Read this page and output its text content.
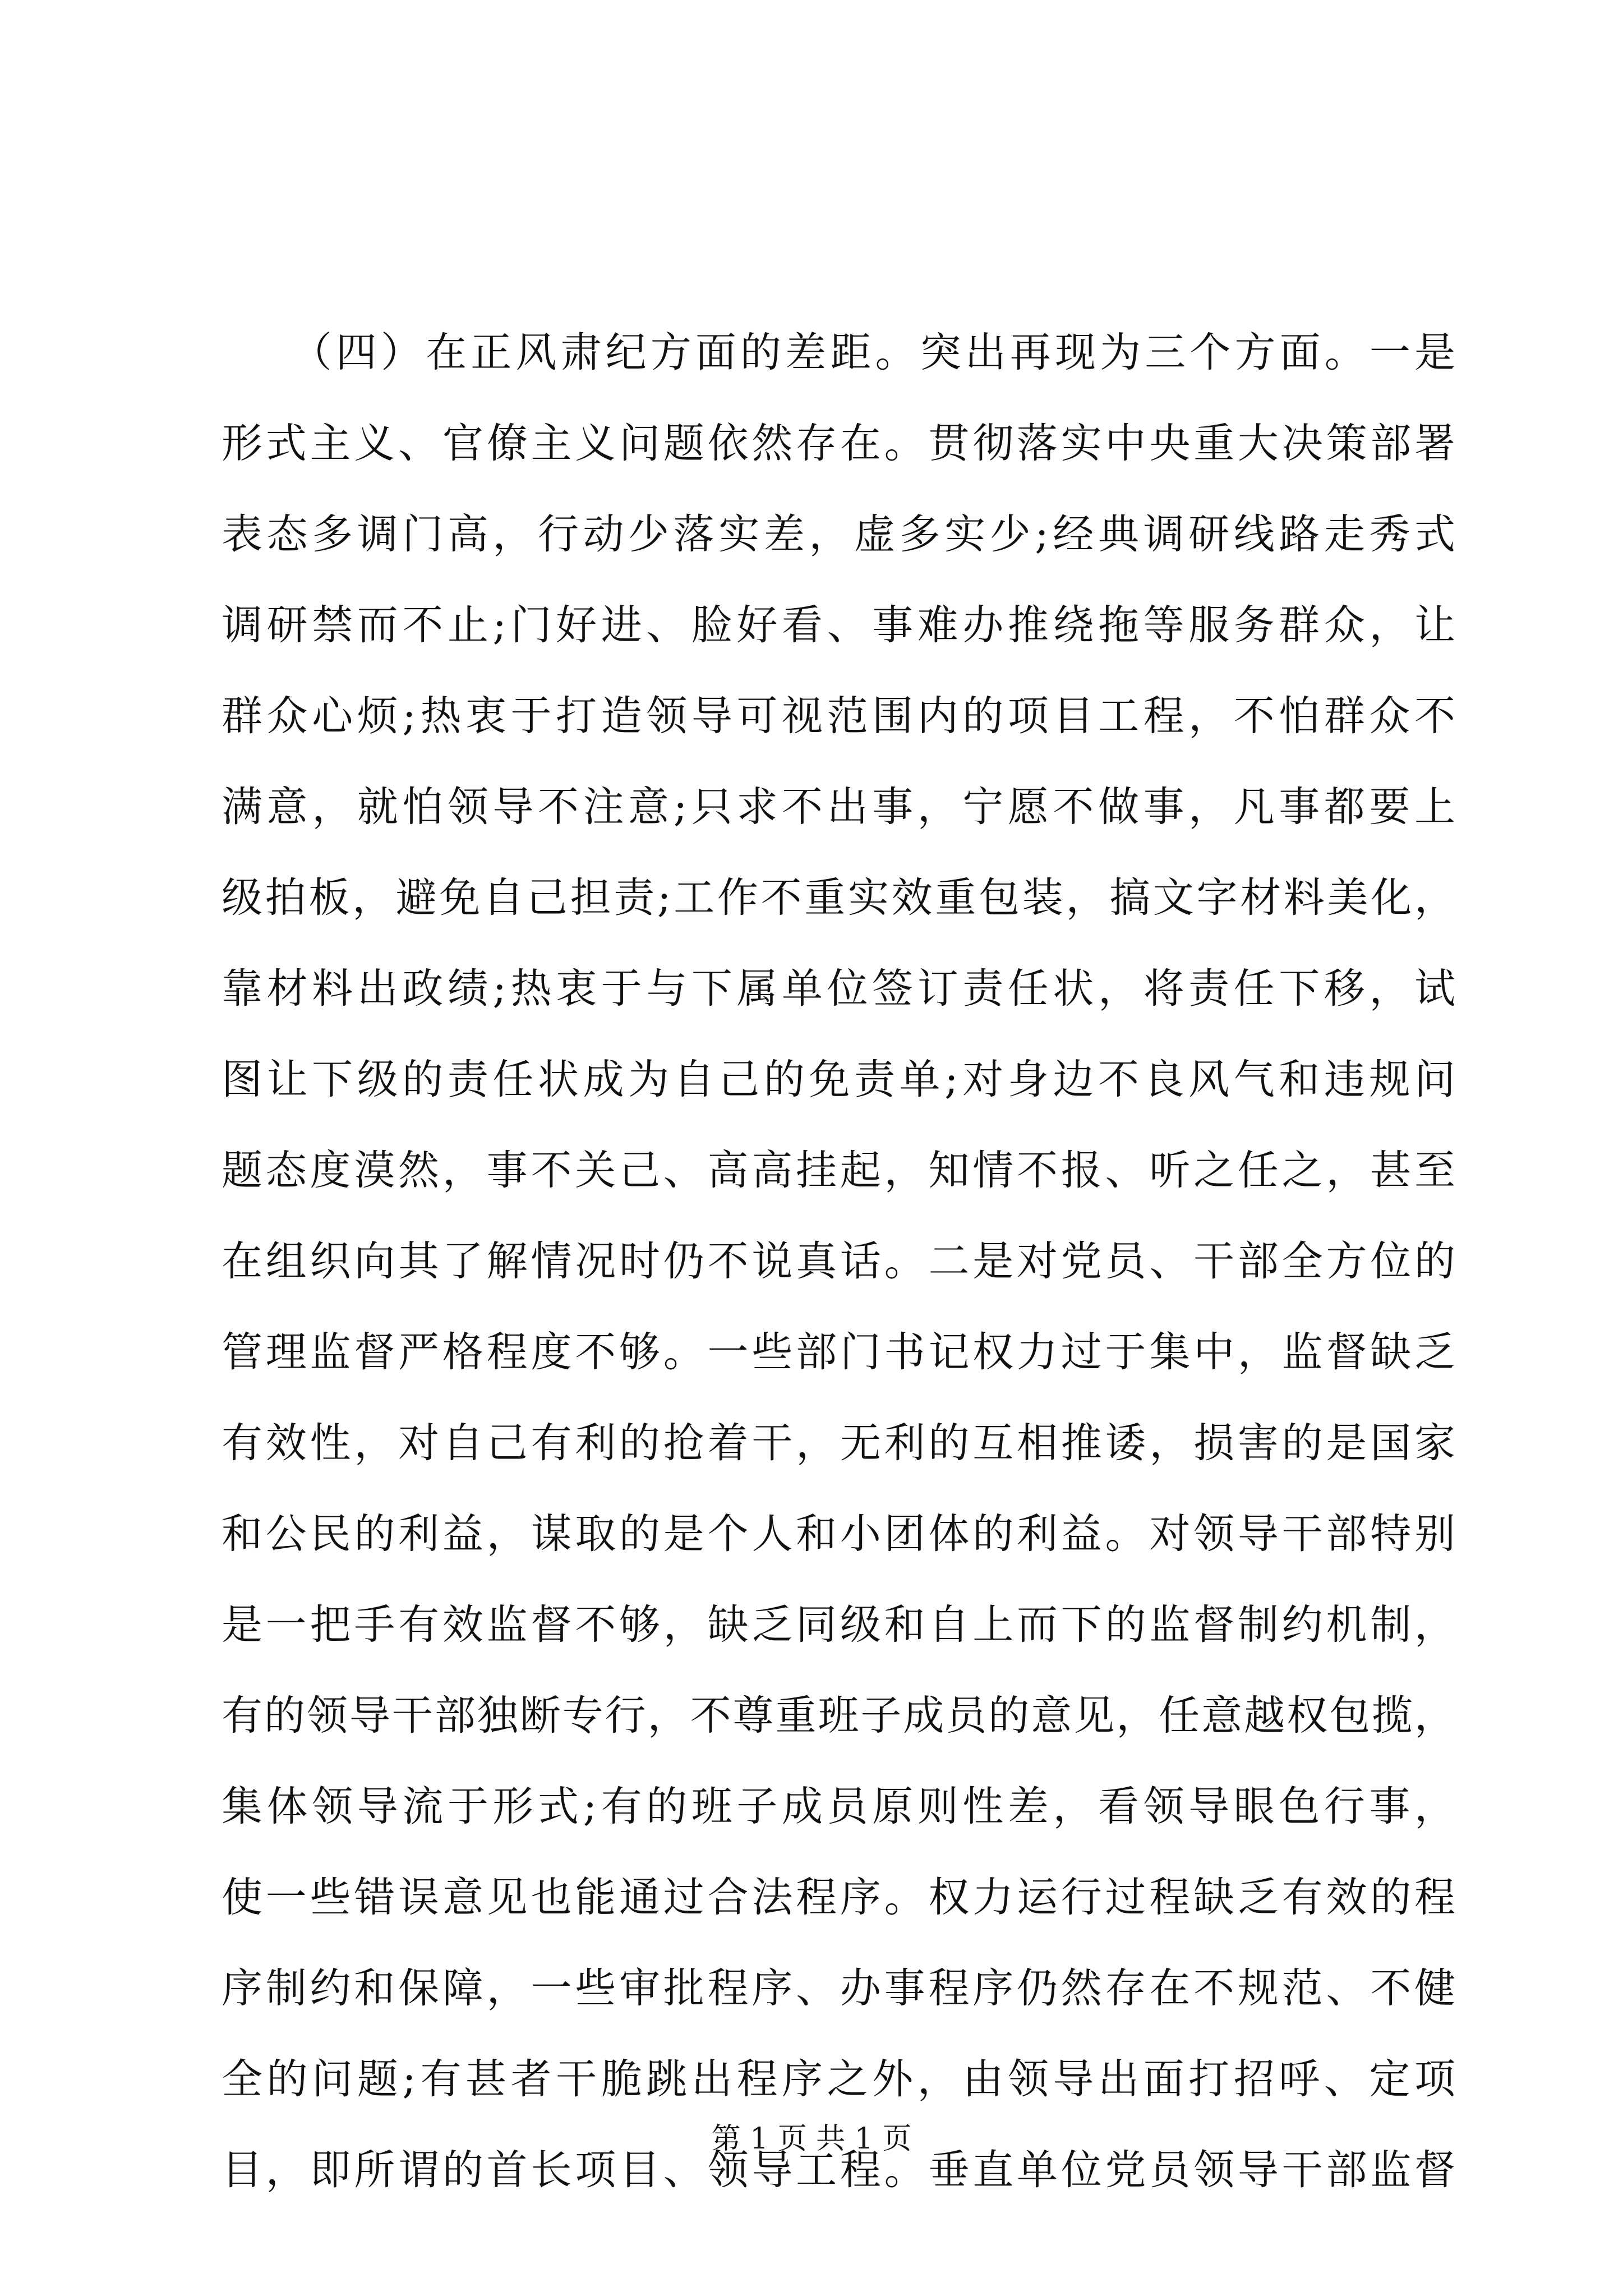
　　（四）在正风肃纪方面的差距。突出再现为三个方面。一是
形式主义、官僚主义问题依然存在。贯彻落实中央重大决策部署
表态多调门高，行动少落实差，虚多实少;经典调研线路走秀式
调研禁而不止;门好进、脸好看、事难办推绕拖等服务群众，让
群众心烦;热衷于打造领导可视范围内的项目工程，不怕群众不
满意，就怕领导不注意;只求不出事，宁愿不做事，凡事都要上
级拍板，避免自己担责;工作不重实效重包装，搞文字材料美化，
靠材料出政绩;热衷于与下属单位签订责任状，将责任下移，试
图让下级的责任状成为自己的免责单;对身边不良风气和违规问
题态度漠然，事不关己、高高挂起，知情不报、听之任之，甚至
在组织向其了解情况时仍不说真话。二是对党员、干部全方位的
管理监督严格程度不够。一些部门书记权力过于集中，监督缺乏
有效性，对自己有利的抢着干，无利的互相推诿，损害的是国家
和公民的利益，谋取的是个人和小团体的利益。对领导干部特别
是一把手有效监督不够，缺乏同级和自上而下的监督制约机制，
有的领导干部独断专行，不尊重班子成员的意见，任意越权包揽，
集体领导流于形式;有的班子成员原则性差，看领导眼色行事，
使一些错误意见也能通过合法程序。权力运行过程缺乏有效的程
序制约和保障，一些审批程序、办事程序仍然存在不规范、不健
全的问题;有甚者干脆跳出程序之外，由领导出面打招呼、定项
目，即所谓的首长项目、领导工程。垂直单位党员领导干部监督
第 1 页 共 1 页
